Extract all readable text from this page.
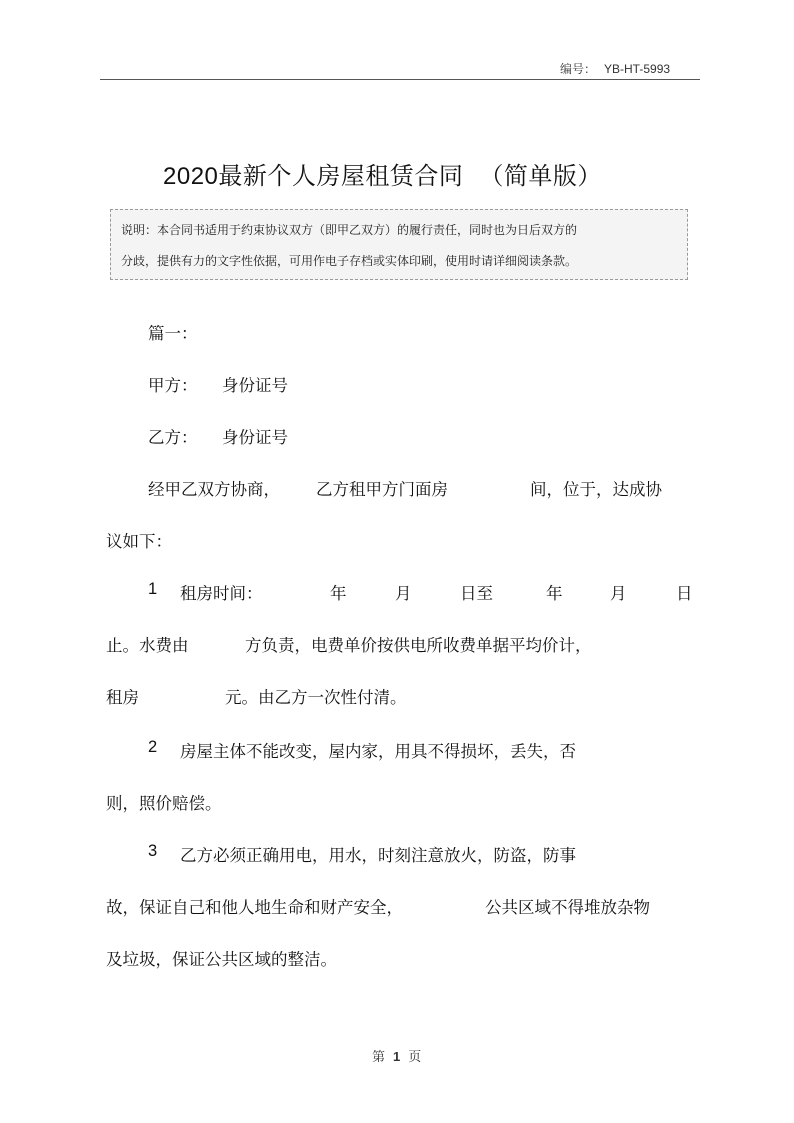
编号： YB-HT-5993
2020最新个人房屋租赁合同 （简单版）
说明：本合同书适用于约束协议双方（即甲乙双方）的履行责任，同时也为日后双方的
分歧，提供有力的文字性依据，可用作电子存档或实体印刷，使用时请详细阅读条款。
篇一：
甲方： 身份证号
乙方： 身份证号
经甲乙双方协商， 乙方租甲方门面房	间，位于，达成协
议如下：
1 租房时间：	年	月	日至	年	月	日
止。水费由	方负责，电费单价按供电所收费单据平均价计，
租房	元。由乙方一次性付清。
2 房屋主体不能改变，屋内家，用具不得损坏，丢失，否
则，照价赔偿。
3 乙方必须正确用电，用水，时刻注意放火，防盗，防事
故，保证自己和他人地生命和财产安全，	公共区域不得堆放杂物
及垃圾，保证公共区域的整洁。
第 1 页
